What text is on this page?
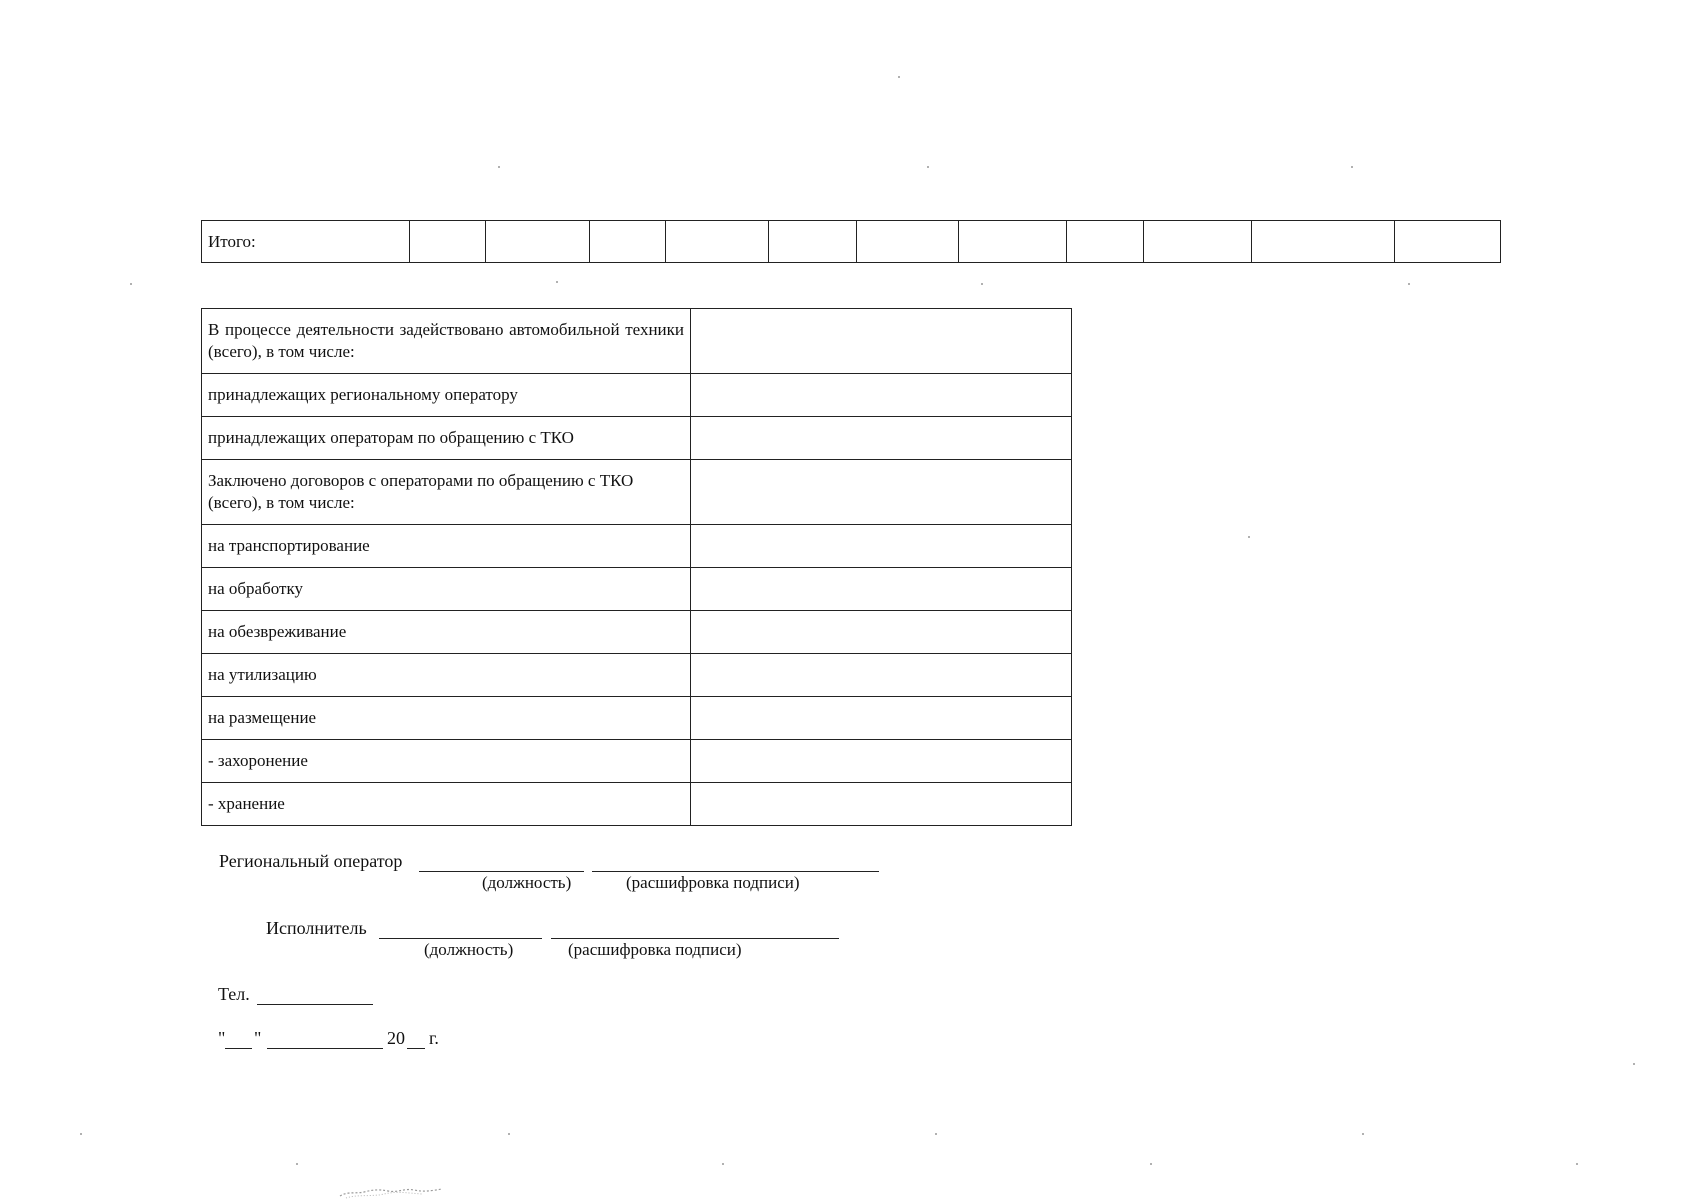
Итого:											
В процессе деятельности задействовано автомобильной техники (всего), в том числе:	
принадлежащих региональному оператору	
принадлежащих операторам по обращению с ТКО	
Заключено договоров с операторами по обращению с ТКО (всего), в том числе:	
на транспортирование	
на обработку	
на обезвреживание	
на утилизацию	
на размещение	
- захоронение	
- хранение	
Региональный оператор
(должность)	(расшифровка подписи)
Исполнитель
(должность)	(расшифровка подписи)
Тел.
" "	20 г.
